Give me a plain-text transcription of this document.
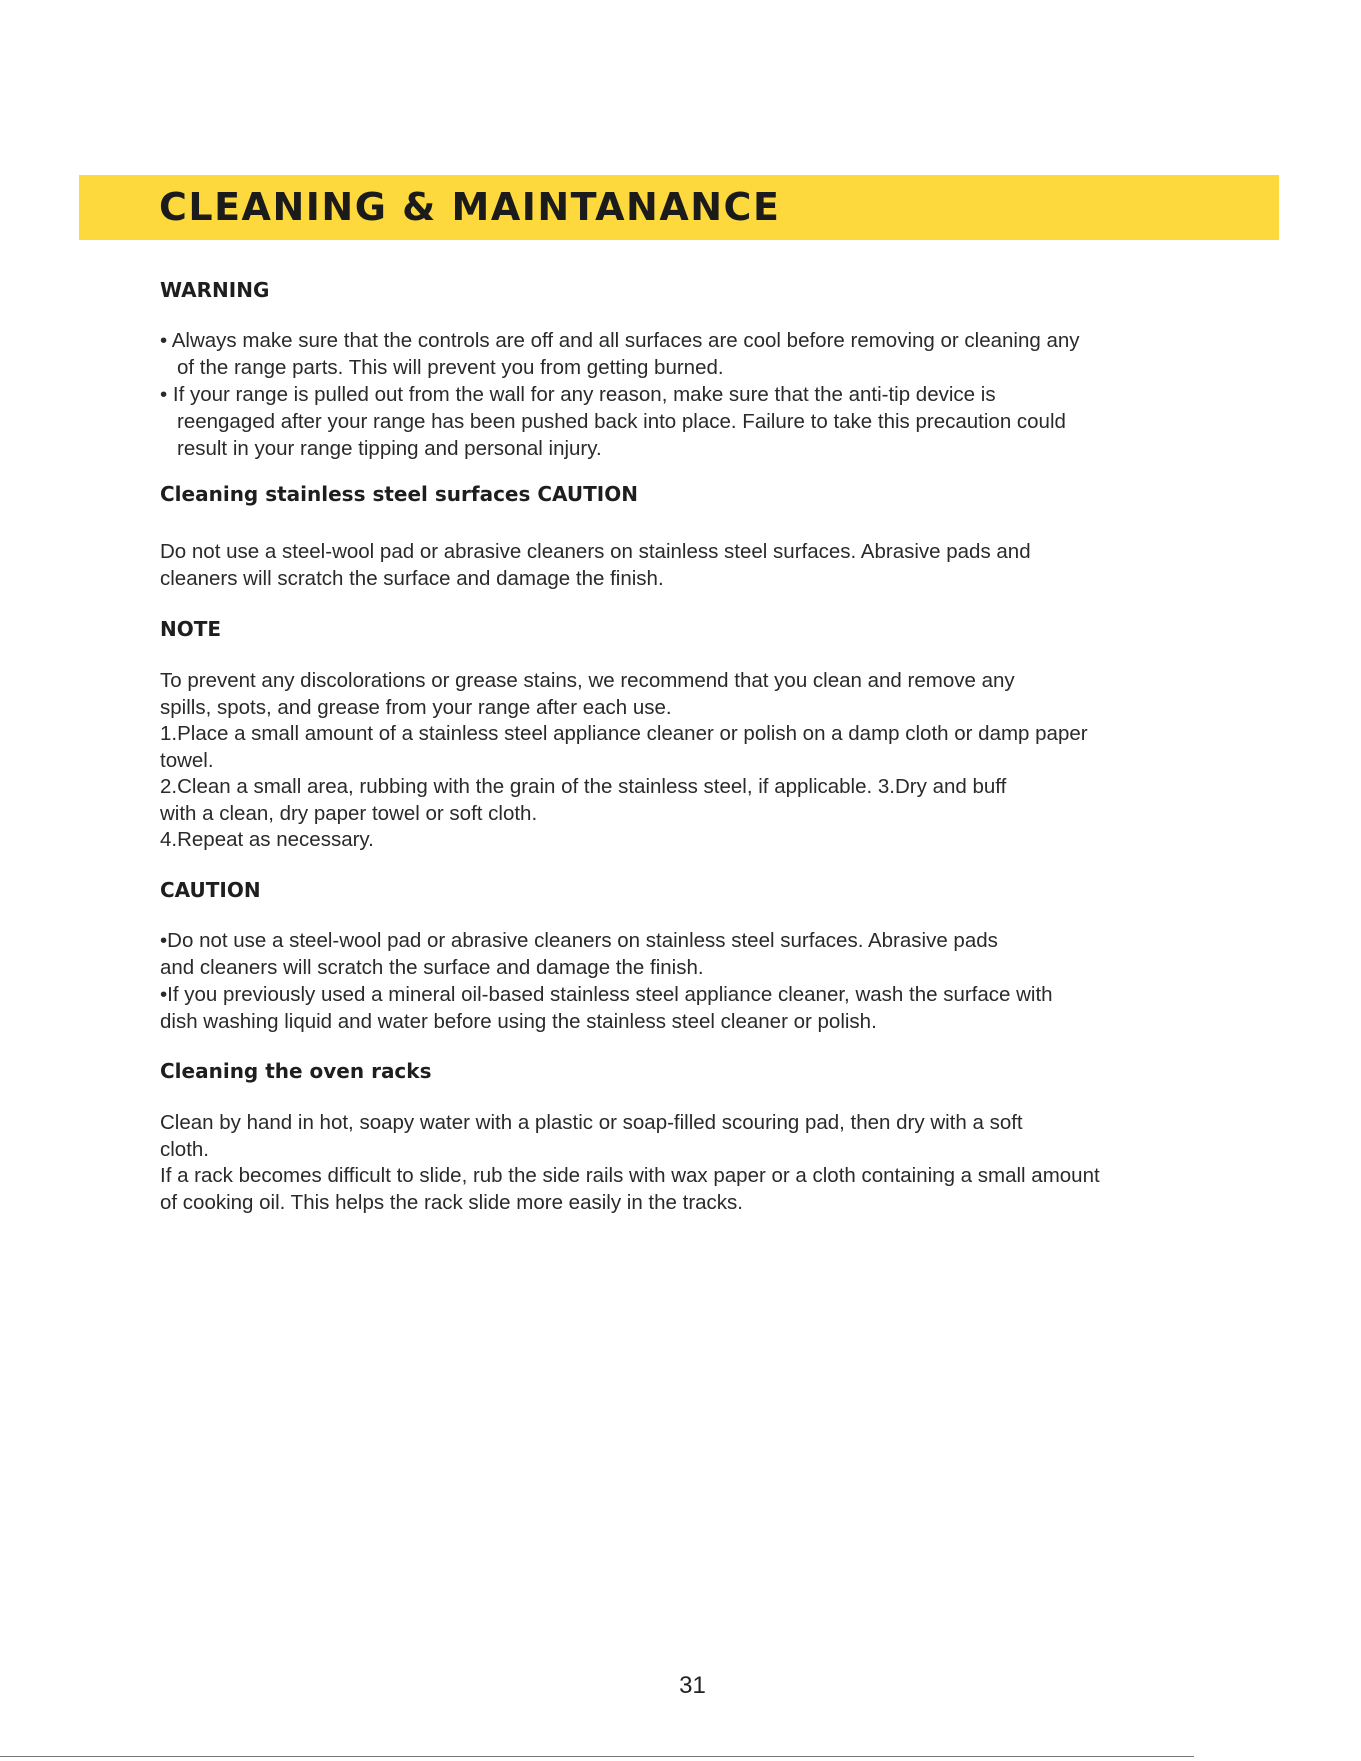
CLEANING & MAINTANANCE
WARNING

• Always make sure that the controls are off and all surfaces are cool before removing or cleaning any

of the range parts. This will prevent you from getting burned.

• If your range is pulled out from the wall for any reason, make sure that the anti-tip device is

reengaged after your range has been pushed back into place. Failure to take this precaution could

result in your range tipping and personal injury.

Cleaning stainless steel surfaces CAUTION

Do not use a steel-wool pad or abrasive cleaners on stainless steel surfaces. Abrasive pads and

cleaners will scratch the surface and damage the finish.

NOTE

To prevent any discolorations or grease stains, we recommend that you clean and remove any

spills, spots, and grease from your range after each use.

1.Place a small amount of a stainless steel appliance cleaner or polish on a damp cloth or damp paper

towel.

2.Clean a small area, rubbing with the grain of the stainless steel, if applicable. 3.Dry and buff

with a clean, dry paper towel or soft cloth.

4.Repeat as necessary.

CAUTION

•Do not use a steel-wool pad or abrasive cleaners on stainless steel surfaces. Abrasive pads

and cleaners will scratch the surface and damage the finish.

•If you previously used a mineral oil-based stainless steel appliance cleaner, wash the surface with

dish washing liquid and water before using the stainless steel cleaner or polish.

Cleaning the oven racks

Clean by hand in hot, soapy water with a plastic or soap-filled scouring pad, then dry with a soft

cloth.

If a rack becomes difficult to slide, rub the side rails with wax paper or a cloth containing a small amount

of cooking oil. This helps the rack slide more easily in the tracks.

31
